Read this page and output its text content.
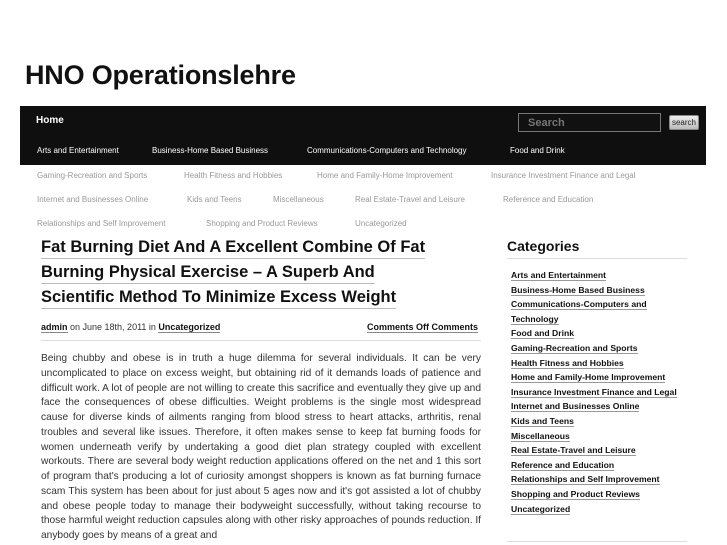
HNO Operationslehre
Home
Search	search
Arts and Entertainment	Business-Home Based Business	Communications-Computers and Technology	Food and Drink
Gaming-Recreation and Sports	Health Fitness and Hobbies	Home and Family-Home Improvement	Insurance Investment Finance and Legal
Internet and Businesses Online	Kids and Teens	Miscellaneous	Real Estate-Travel and Leisure	Reference and Education
Relationships and Self Improvement	Shopping and Product Reviews	Uncategorized
Fat Burning Diet And A Excellent Combine Of Fat
Burning Physical Exercise – A Superb And
Scientific Method To Minimize Excess Weight
admin on June 18th, 2011 in Uncategorized	Comments Off Comments
Being chubby and obese is in truth a huge dilemma for several individuals. It can be very uncomplicated to place on excess weight, but obtaining rid of it demands loads of patience and difficult work. A lot of people are not willing to create this sacrifice and eventually they give up and face the consequences of obese difficulties. Weight problems is the single most widespread cause for diverse kinds of ailments ranging from blood stress to heart attacks, arthritis, renal troubles and several like issues. Therefore, it often makes sense to keep fat burning foods for women underneath verify by undertaking a good diet plan strategy coupled with excellent workouts. There are several body weight reduction applications offered on the net and 1 this sort of program that's producing a lot of curiosity amongst shoppers is known as fat burning furnace scam This system has been about for just about 5 ages now and it's got assisted a lot of chubby and obese people today to manage their bodyweight successfully, without taking recourse to those harmful weight reduction capsules along with other risky approaches of pounds reduction. If anybody goes by means of a great and
Categories
Arts and Entertainment
Business-Home Based Business
Communications-Computers and
Technology
Food and Drink
Gaming-Recreation and Sports
Health Fitness and Hobbies
Home and Family-Home Improvement
Insurance Investment Finance and Legal
Internet and Businesses Online
Kids and Teens
Miscellaneous
Real Estate-Travel and Leisure
Reference and Education
Relationships and Self Improvement
Shopping and Product Reviews
Uncategorized
